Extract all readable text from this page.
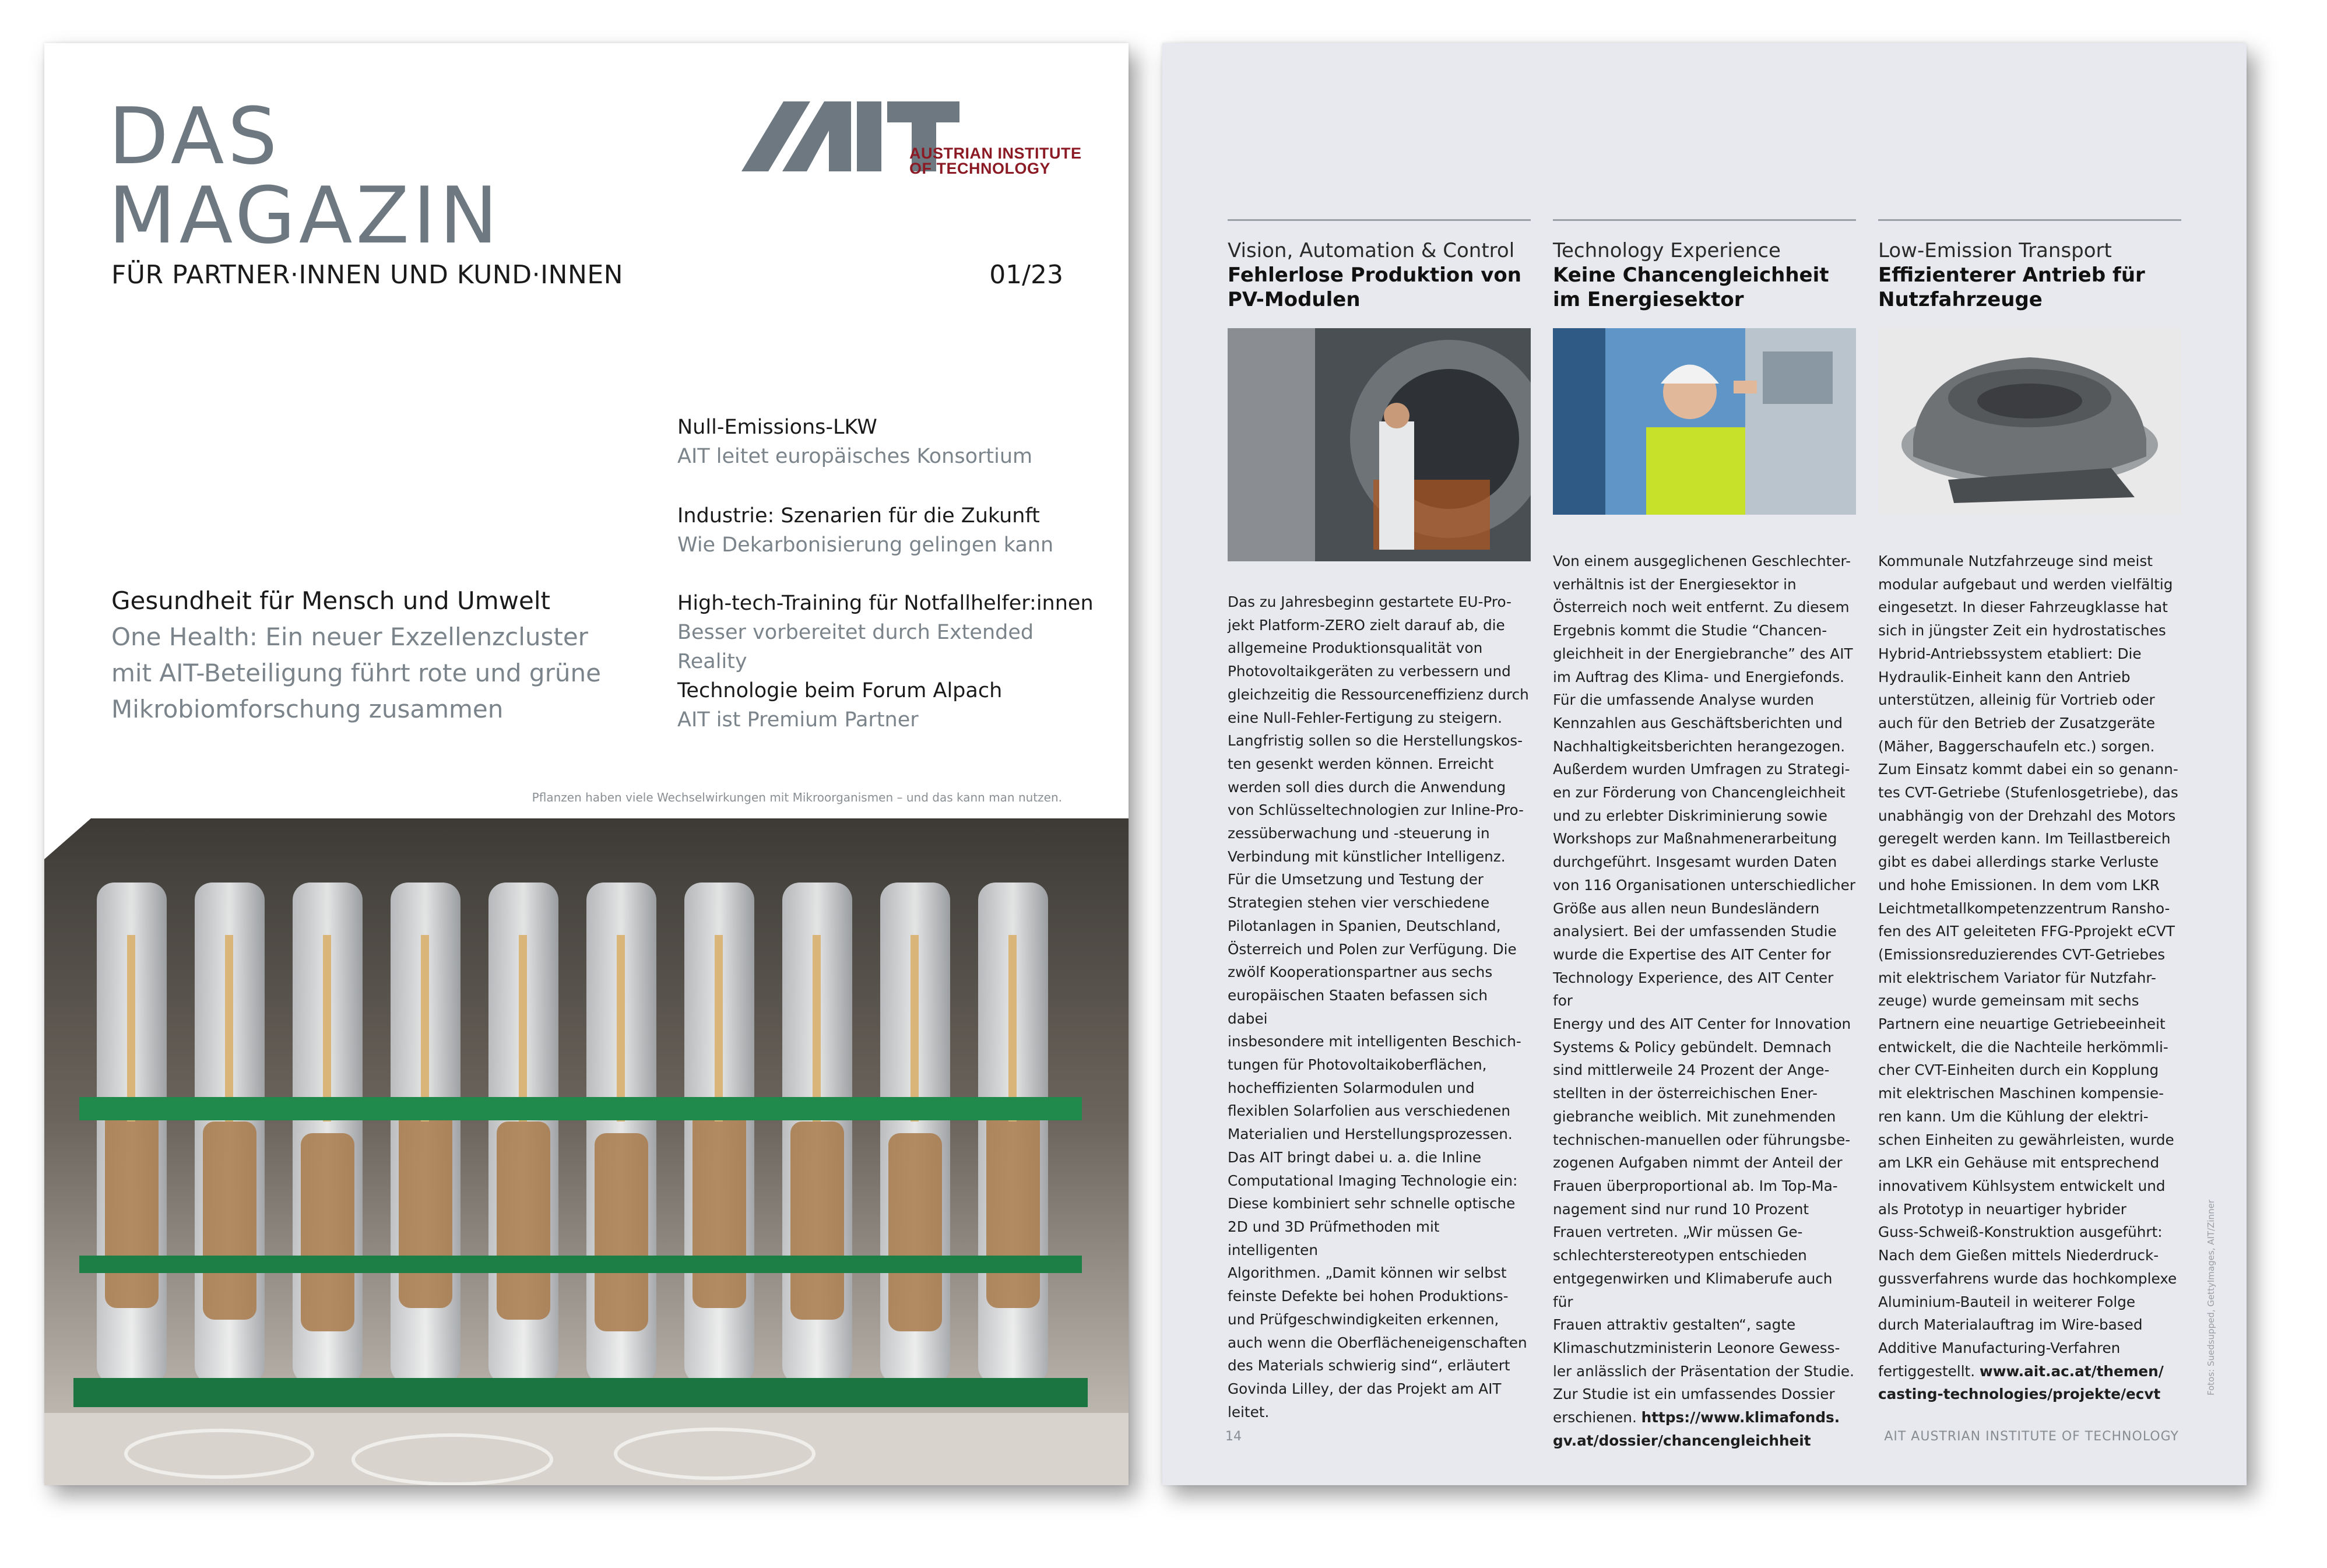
DAS
MAGAZIN
FÜR PARTNER·INNEN UND KUND·INNEN	01/23
AUSTRIAN INSTITUTE
OF TECHNOLOGY
Null-Emissions-LKW
AIT leitet europäisches Konsortium
Industrie: Szenarien für die Zukunft
Wie Dekarbonisierung gelingen kann
High-tech-Training für Notfallhelfer:innen
Besser vorbereitet durch Extended Reality
Technologie beim Forum Alpach
AIT ist Premium Partner
Gesundheit für Mensch und Umwelt
One Health: Ein neuer Exzellenzcluster mit AIT-Beteiligung führt rote und grüne Mikrobiomforschung zusammen
Pflanzen haben viele Wechselwirkungen mit Mikroorganismen – und das kann man nutzen.
Vision, Automation & Control
Fehlerlose Produktion von PV-Modulen
Das zu Jahresbeginn gestartete EU-Pro-
jekt Platform-ZERO zielt darauf ab, die
allgemeine Produktionsqualität von
Photovoltaikgeräten zu verbessern und
gleichzeitig die Ressourceneffizienz durch
eine Null-Fehler-Fertigung zu steigern.
Langfristig sollen so die Herstellungskos-
ten gesenkt werden können. Erreicht
werden soll dies durch die Anwendung
von Schlüsseltechnologien zur Inline-Pro-
zessüberwachung und -steuerung in
Verbindung mit künstlicher Intelligenz.
Für die Umsetzung und Testung der
Strategien stehen vier verschiedene
Pilotanlagen in Spanien, Deutschland,
Österreich und Polen zur Verfügung. Die
zwölf Kooperationspartner aus sechs
europäischen Staaten befassen sich dabei
insbesondere mit intelligenten Beschich-
tungen für Photovoltaikoberflächen,
hocheffizienten Solarmodulen und
flexiblen Solarfolien aus verschiedenen
Materialien und Herstellungsprozessen.
Das AIT bringt dabei u. a. die Inline
Computational Imaging Technologie ein:
Diese kombiniert sehr schnelle optische
2D und 3D Prüfmethoden mit intelligenten
Algorithmen. „Damit können wir selbst
feinste Defekte bei hohen Produktions-
und Prüfgeschwindigkeiten erkennen,
auch wenn die Oberflächeneigenschaften
des Materials schwierig sind“, erläutert
Govinda Lilley, der das Projekt am AIT
leitet.
Technology Experience
Keine Chancengleichheit im Energiesektor
Von einem ausgeglichenen Geschlechter-
verhältnis ist der Energiesektor in
Österreich noch weit entfernt. Zu diesem
Ergebnis kommt die Studie “Chancen-
gleichheit in der Energiebranche” des AIT
im Auftrag des Klima- und Energiefonds.
Für die umfassende Analyse wurden
Kennzahlen aus Geschäftsberichten und
Nachhaltigkeitsberichten herangezogen.
Außerdem wurden Umfragen zu Strategi-
en zur Förderung von Chancengleichheit
und zu erlebter Diskriminierung sowie
Workshops zur Maßnahmenerarbeitung
durchgeführt. Insgesamt wurden Daten
von 116 Organisationen unterschiedlicher
Größe aus allen neun Bundesländern
analysiert. Bei der umfassenden Studie
wurde die Expertise des AIT Center for
Technology Experience, des AIT Center for
Energy und des AIT Center for Innovation
Systems & Policy gebündelt. Demnach
sind mittlerweile 24 Prozent der Ange-
stellten in der österreichischen Ener-
giebranche weiblich. Mit zunehmenden
technischen-manuellen oder führungsbe-
zogenen Aufgaben nimmt der Anteil der
Frauen überproportional ab. Im Top-Ma-
nagement sind nur rund 10 Prozent
Frauen vertreten. „Wir müssen Ge-
schlechterstereotypen entschieden
entgegenwirken und Klimaberufe auch für
Frauen attraktiv gestalten“, sagte
Klimaschutzministerin Leonore Gewess-
ler anlässlich der Präsentation der Studie.
Zur Studie ist ein umfassendes Dossier
erschienen. https://www.klimafonds.
gv.at/dossier/chancengleichheit
Low-Emission Transport
Effizienterer Antrieb für Nutzfahrzeuge
Kommunale Nutzfahrzeuge sind meist
modular aufgebaut und werden vielfältig
eingesetzt. In dieser Fahrzeugklasse hat
sich in jüngster Zeit ein hydrostatisches
Hybrid-Antriebssystem etabliert: Die
Hydraulik-Einheit kann den Antrieb
unterstützen, alleinig für Vortrieb oder
auch für den Betrieb der Zusatzgeräte
(Mäher, Baggerschaufeln etc.) sorgen.
Zum Einsatz kommt dabei ein so genann-
tes CVT-Getriebe (Stufenlosgetriebe), das
unabhängig von der Drehzahl des Motors
geregelt werden kann. Im Teillastbereich
gibt es dabei allerdings starke Verluste
und hohe Emissionen. In dem vom LKR
Leichtmetallkompetenzzentrum Ransho-
fen des AIT geleiteten FFG-Pprojekt eCVT
(Emissionsreduzierendes CVT-Getriebes
mit elektrischem Variator für Nutzfahr-
zeuge) wurde gemeinsam mit sechs
Partnern eine neuartige Getriebeeinheit
entwickelt, die die Nachteile herkömmli-
cher CVT-Einheiten durch ein Kopplung
mit elektrischen Maschinen kompensie-
ren kann. Um die Kühlung der elektri-
schen Einheiten zu gewährleisten, wurde
am LKR ein Gehäuse mit entsprechend
innovativem Kühlsystem entwickelt und
als Prototyp in neuartiger hybrider
Guss-Schweiß-Konstruktion ausgeführt:
Nach dem Gießen mittels Niederdruck-
gussverfahrens wurde das hochkomplexe
Aluminium-Bauteil in weiterer Folge
durch Materialauftrag im Wire-based
Additive Manufacturing-Verfahren
fertiggestellt. www.ait.ac.at/themen/
casting-technologies/projekte/ecvt	Fotos: Suedsupped, GettyImages, AIT/Zinner
14	AIT AUSTRIAN INSTITUTE OF TECHNOLOGY
